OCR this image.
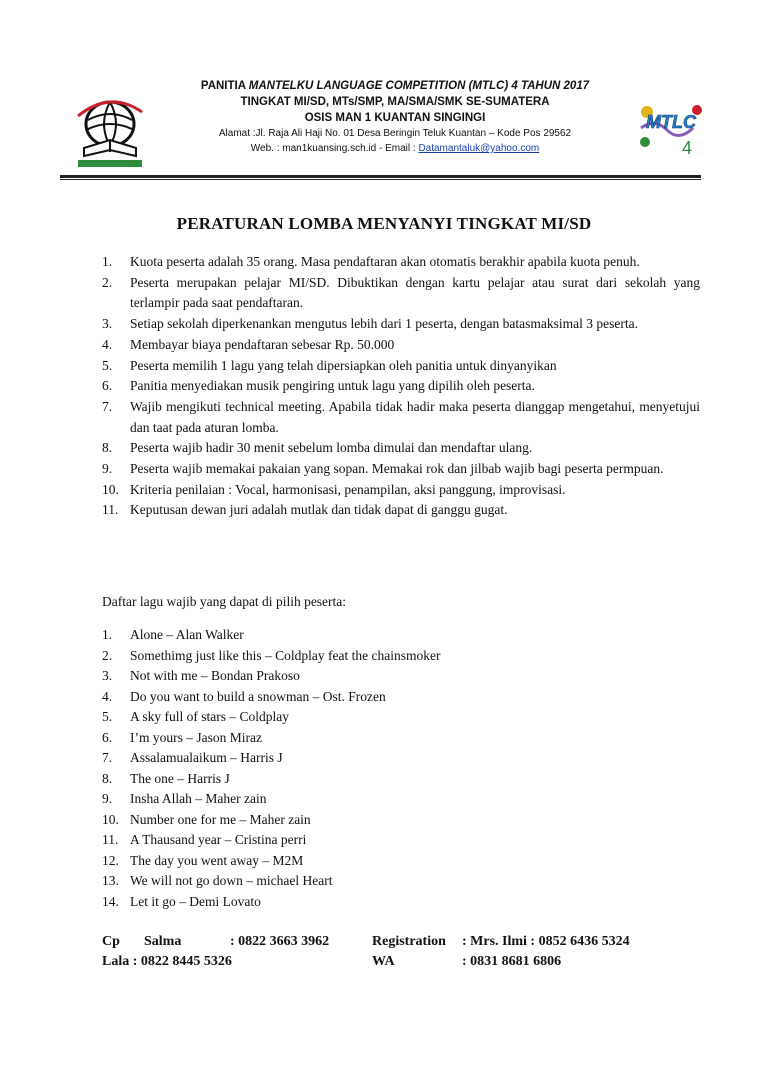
PANITIA MANTELKU LANGUAGE COMPETITION (MTLC) 4 TAHUN 2017
TINGKAT MI/SD, MTs/SMP, MA/SMA/SMK SE-SUMATERA
OSIS MAN 1 KUANTAN SINGINGI
Alamat :Jl. Raja Ali Haji No. 01 Desa Beringin Teluk Kuantan – Kode Pos 29562
Web. : man1kuansing.sch.id - Email : Datamantaluk@yahoo.com
MTLC
4
PERATURAN LOMBA MENYANYI TINGKAT MI/SD
1.	Kuota peserta adalah 35 orang. Masa pendaftaran akan otomatis berakhir apabila kuota penuh.
2.	Peserta merupakan pelajar MI/SD. Dibuktikan dengan kartu pelajar atau surat dari sekolah yang terlampir pada saat pendaftaran.
3.	Setiap sekolah diperkenankan mengutus lebih dari 1 peserta, dengan batasmaksimal 3 peserta.
4.	Membayar biaya pendaftaran sebesar Rp. 50.000
5.	Peserta memilih 1 lagu yang telah dipersiapkan oleh panitia untuk dinyanyikan
6.	Panitia menyediakan musik pengiring untuk lagu yang dipilih oleh peserta.
7.	Wajib mengikuti technical meeting. Apabila tidak hadir maka peserta dianggap mengetahui, menyetujui dan taat pada aturan lomba.
8.	Peserta wajib hadir 30 menit sebelum lomba dimulai dan mendaftar ulang.
9.	Peserta wajib memakai pakaian yang sopan. Memakai rok dan jilbab wajib bagi peserta permpuan.
10. Kriteria penilaian : Vocal, harmonisasi, penampilan, aksi panggung, improvisasi.
11. Keputusan dewan juri adalah mutlak dan tidak dapat di ganggu gugat.
Daftar lagu wajib yang dapat di pilih peserta:
1.	Alone – Alan Walker
2.	Somethimg just like this – Coldplay feat the chainsmoker
3.	Not with me – Bondan Prakoso
4.	Do you want to build a snowman – Ost. Frozen
5.	A sky full of stars – Coldplay
6.	I’m yours – Jason Miraz
7.	Assalamualaikum – Harris J
8.	The one – Harris J
9.	Insha Allah – Maher zain
10. Number one for me – Maher zain
11. A Thausand year – Cristina perri
12. The day you went away – M2M
13. We will not go down – michael Heart
14. Let it go – Demi Lovato
Cp Salma	: 0822 3663 3962	Registration : Mrs. Ilmi : 0852 6436 5324
Lala : 0822 8445 5326	WA	: 0831 8681 6806
